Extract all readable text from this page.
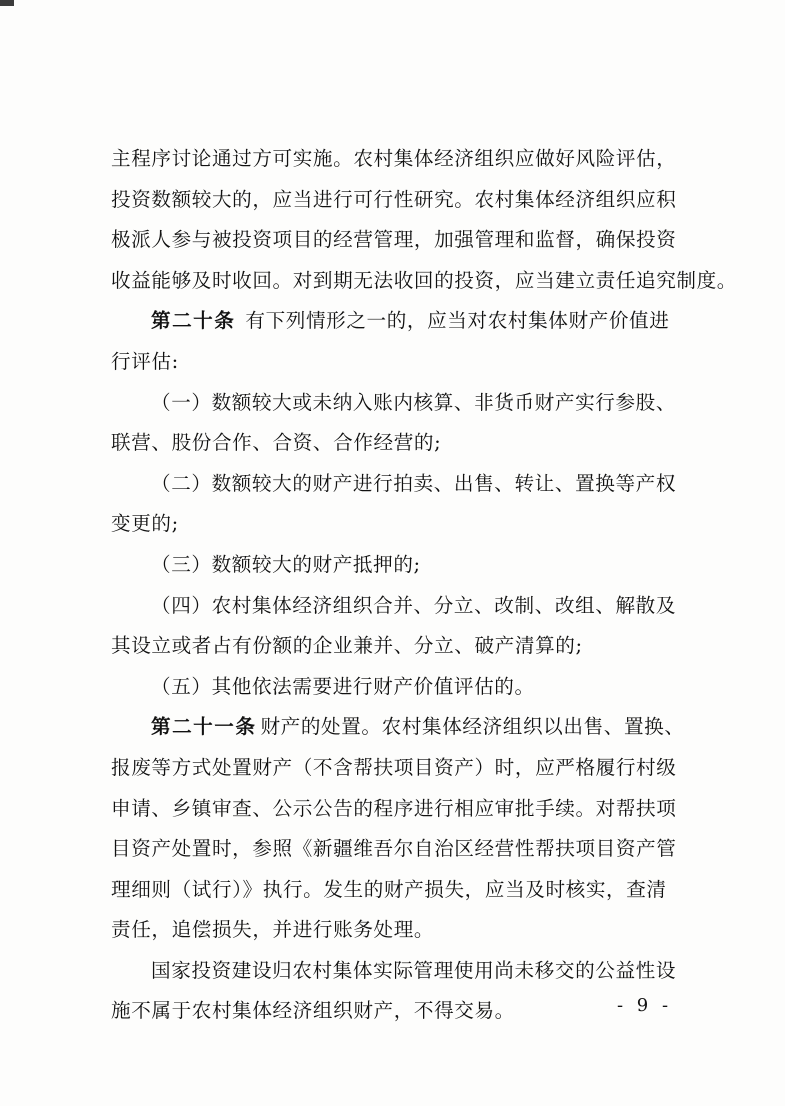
主程序讨论通过方可实施。农村集体经济组织应做好风险评估，
投资数额较大的，应当进行可行性研究。农村集体经济组织应积
极派人参与被投资项目的经营管理，加强管理和监督，确保投资
收益能够及时收回。对到期无法收回的投资，应当建立责任追究制度。
第二十条 有下列情形之一的，应当对农村集体财产价值进
行评估:
（一）数额较大或未纳入账内核算、非货币财产实行参股、
联营、股份合作、合资、合作经营的;
（二）数额较大的财产进行拍卖、出售、转让、置换等产权
变更的;
（三）数额较大的财产抵押的;
（四）农村集体经济组织合并、分立、改制、改组、解散及
其设立或者占有份额的企业兼并、分立、破产清算的;
（五）其他依法需要进行财产价值评估的。
第二十一条 财产的处置。农村集体经济组织以出售、置换、
报废等方式处置财产（不含帮扶项目资产）时，应严格履行村级
申请、乡镇审查、公示公告的程序进行相应审批手续。对帮扶项
目资产处置时，参照《新疆维吾尔自治区经营性帮扶项目资产管
理细则（试行）》执行。发生的财产损失，应当及时核实，查清
责任，追偿损失，并进行账务处理。
国家投资建设归农村集体实际管理使用尚未移交的公益性设
施不属于农村集体经济组织财产，不得交易。	- 9 -
